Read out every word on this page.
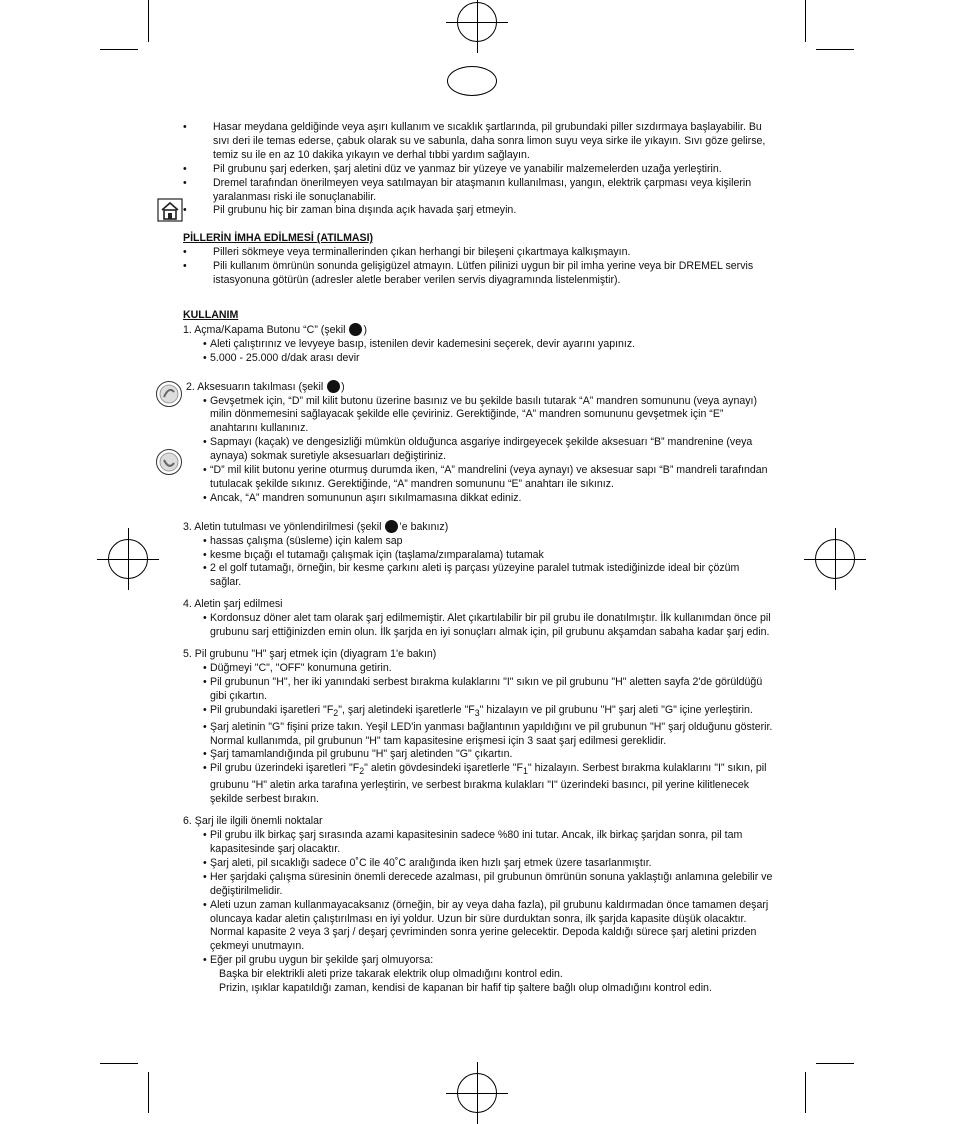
• Hasar meydana geldiğinde veya aşırı kullanım ve sıcaklık şartlarında, pil grubundaki piller sızdırmaya başlayabilir. Bu sıvı deri ile temas ederse, çabuk olarak su ve sabunla, daha sonra limon suyu veya sirke ile yıkayın. Sıvı gözе gelirse, temiz su ile en az 10 dakika yıkayın ve derhal tıbbi yardım sağlayın.
• Pil grubunu şarj ederken, şarj aletini düz ve yanmaz bir yüzeye ve yanabilir malzemelerden uzağa yerleştirin.
• Dremel tarafından önerilmeyen veya satılmayan bir ataşmanın kullanılması, yangın, elektrik çarpması veya kişilerin yaralanması riski ile sonuçlanabilir.
• Pil grubunu hiç bir zaman bina dışında açık havada şarj etmeyin.
PİLLERİN İMHA EDİLMESİ (ATILMASI)
• Pilleri sökmeye veya terminallerinden çıkan herhangi bir bileşeni çıkartmaya kalkışmayın.
• Pili kullanım ömrünün sonunda gelişigüzel atmayın. Lütfen pilinizi uygun bir pil imha yerine veya bir DREMEL servis istasyonuna götürün (adresler aletle beraber verilen servis diyagramında listelenmiştir).
KULLANIM
1. Açma/Kapama Butonu “C” (şekil )
• Aleti çalıştırınız ve levyeye basıp, istenilen devir kademesini seçerek, devir ayarını yapınız.
• 5.000 - 25.000 d/dak arası devir
2. Aksesuarın takılması (şekil )
• Gevşetmek için, “D” mil kilit butonu üzerine basınız ve bu şekilde basılı tutarak “A” mandren somununu (veya aynayı) milin dönmemesini sağlayacak şekilde elle çeviriniz. Gerektiğinde, “A” mandren somununu gevşetmek için “E” anahtarını kullanınız.
• Sapmayı (kaçak) ve dengesizliği mümkün olduğunca asgariye indirgeyecek şekilde aksesuarı “B” mandrenine (veya aynaya) sokmak suretiyle aksesuarları değiştiriniz.
• “D” mil kilit butonu yerine oturmuş durumda iken, “A” mandrelini (veya aynayı) ve aksesuar sapı “B” mandreli tarafından tutulacak şekilde sıkınız. Gerektiğinde, “A” mandren somununu “E” anahtarı ile sıkınız.
• Ancak, “A” mandren somununun aşırı sıkılmamasına dikkat ediniz.
3. Aletin tutulması ve yönlendirilmesi (şekil ’e bakınız)
• hassas çalışma (süsleme) için kalem sap
• kesme bıçağı el tutamağı çalışmak için (taşlama/zımparalama) tutamak
• 2 el golf tutamağı, örneğin, bir kesme çarkını aleti iş parçası yüzeyine paralel tutmak istediğinizde ideal bir çözüm sağlar.
4. Aletin şarj edilmesi
• Kordonsuz döner alet tam olarak şarj edilmemiştir. Alet çıkartılabilir bir pil grubu ile donatılmıştır. İlk kullanımdan önce pil grubunu sarj ettiğinizden emin olun. İlk şarjda en iyi sonuçları almak için, pil grubunu akşamdan sabaha kadar şarj edin.
5. Pil grubunu "H" şarj etmek için (diyagram 1'e bakın)
• Düğmeyi "C", "OFF" konumuna getirin.
• Pil grubunun "H", her iki yanındaki serbest bırakma kulaklarını "I" sıkın ve pil grubunu "H" aletten sayfa 2'de görüldüğü gibi çıkartın.
• Pil grubundaki işaretleri "$F_2$", şarj aletindeki işaretlerle "$F_3$" hizalayın ve pil grubunu "H" şarj aleti "G" içine yerleştirin.
• Şarj aletinin "G" fişini prize takın. Yeşil LED'in yanması bağlantının yapıldığını ve pil grubunun "H" şarj olduğunu gösterir. Normal kullanımda, pil grubunun "H" tam kapasitesine erişmesi için 3 saat şarj edilmesi gereklidir.
• Şarj tamamlandığında pil grubunu "H" şarj aletinden "G" çıkartın.
• Pil grubu üzerindeki işaretleri "$F_2$" aletin gövdesindeki işaretlerle "$F_1$" hizalayın. Serbest bırakma kulaklarını "I" sıkın, pil grubunu "H" aletin arka tarafına yerleştirin, ve serbest bırakma kulakları "I" üzerindeki basıncı, pil yerine kilitlenecek şekilde serbest bırakın.
6. Şarj ile ilgili önemli noktalar
• Pil grubu ilk birkaç şarj sırasında azami kapasitesinin sadece %80 ini tutar. Ancak, ilk birkaç şarjdan sonra, pil tam kapasitesinde şarj olacaktır.
• Şarj aleti, pil sıcaklığı sadece 0˚C ile 40˚C aralığında iken hızlı şarj etmek üzere tasarlanmıştır.
• Her şarjdaki çalışma süresinin önemli derecede azalması, pil grubunun ömrünün sonuna yaklaştığı anlamına gelebilir ve değiştirilmelidir.
• Aleti uzun zaman kullanmayacaksanız (örneğin, bir ay veya daha fazla), pil grubunu kaldırmadan önce tamamen deşarj oluncaya kadar aletin çalıştırılması en iyi yoldur. Uzun bir süre durduktan sonra, ilk şarjda kapasite düşük olacaktır. Normal kapasite 2 veya 3 şarj / deşarj çevriminden sonra yerine gelecektir. Depoda kaldığı sürece şarj aletini prizden çekmeyi unutmayın.
• Eğer pil grubu uygun bir şekilde şarj olmuyorsa:
Başka bir elektrikli aleti prize takarak elektrik olup olmadığını kontrol edin.
Prizin, ışıklar kapatıldığı zaman, kendisi de kapanan bir hafif tip şaltere bağlı olup olmadığını kontrol edin.
